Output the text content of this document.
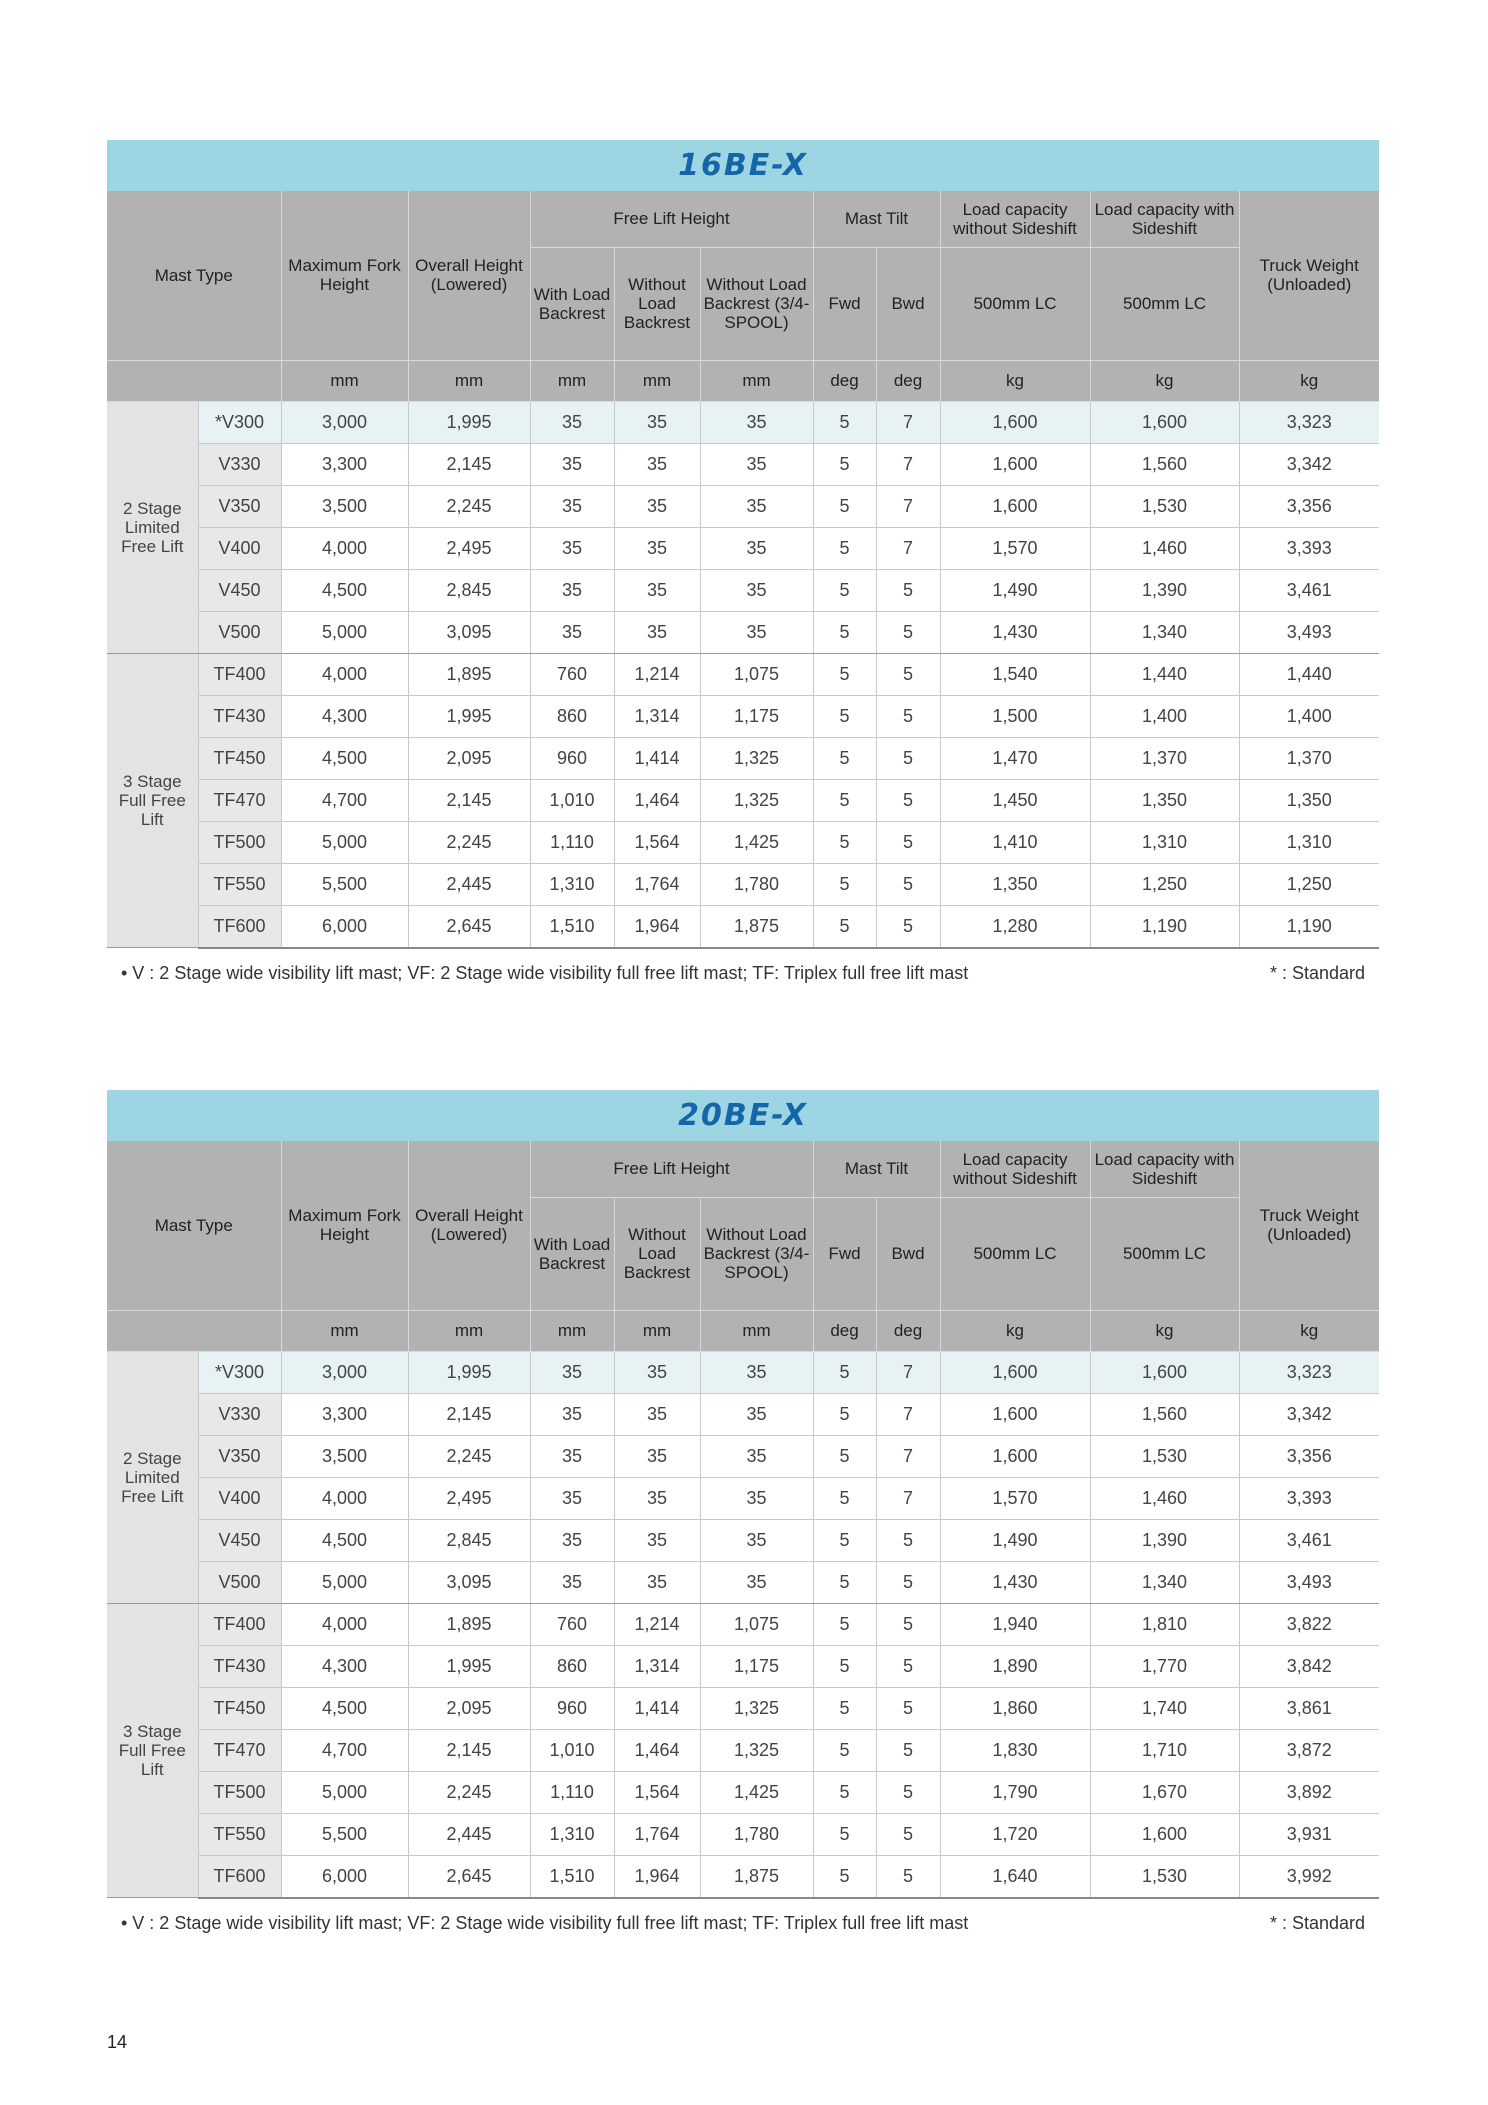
16BE-X
Mast Type		Maximum Fork Height	Overall Height (Lowered)	Free Lift Height			Mast Tilt		Load capacity without Sideshift	Load capacity with Sideshift	Truck Weight (Unloaded)
				With Load Backrest	Without Load Backrest	Without Load Backrest (3/4-SPOOL)	Fwd	Bwd	500mm LC	500mm LC	
		mm	mm	mm	mm	mm	deg	deg	kg	kg	kg
2 Stage Limited Free Lift	*V300	3,000	1,995	35	35	35	5	7	1,600	1,600	3,323
	V330	3,300	2,145	35	35	35	5	7	1,600	1,560	3,342
	V350	3,500	2,245	35	35	35	5	7	1,600	1,530	3,356
	V400	4,000	2,495	35	35	35	5	7	1,570	1,460	3,393
	V450	4,500	2,845	35	35	35	5	5	1,490	1,390	3,461
	V500	5,000	3,095	35	35	35	5	5	1,430	1,340	3,493
3 Stage Full Free Lift	TF400	4,000	1,895	760	1,214	1,075	5	5	1,540	1,440	1,440
	TF430	4,300	1,995	860	1,314	1,175	5	5	1,500	1,400	1,400
	TF450	4,500	2,095	960	1,414	1,325	5	5	1,470	1,370	1,370
	TF470	4,700	2,145	1,010	1,464	1,325	5	5	1,450	1,350	1,350
	TF500	5,000	2,245	1,110	1,564	1,425	5	5	1,410	1,310	1,310
	TF550	5,500	2,445	1,310	1,764	1,780	5	5	1,350	1,250	1,250
	TF600	6,000	2,645	1,510	1,964	1,875	5	5	1,280	1,190	1,190
• V : 2 Stage wide visibility lift mast; VF: 2 Stage wide visibility full free lift mast; TF: Triplex full free lift mast	* : Standard
20BE-X
Mast Type		Maximum Fork Height	Overall Height (Lowered)	Free Lift Height			Mast Tilt		Load capacity without Sideshift	Load capacity with Sideshift	Truck Weight (Unloaded)
				With Load Backrest	Without Load Backrest	Without Load Backrest (3/4-SPOOL)	Fwd	Bwd	500mm LC	500mm LC	
		mm	mm	mm	mm	mm	deg	deg	kg	kg	kg
2 Stage Limited Free Lift	*V300	3,000	1,995	35	35	35	5	7	1,600	1,600	3,323
	V330	3,300	2,145	35	35	35	5	7	1,600	1,560	3,342
	V350	3,500	2,245	35	35	35	5	7	1,600	1,530	3,356
	V400	4,000	2,495	35	35	35	5	7	1,570	1,460	3,393
	V450	4,500	2,845	35	35	35	5	5	1,490	1,390	3,461
	V500	5,000	3,095	35	35	35	5	5	1,430	1,340	3,493
3 Stage Full Free Lift	TF400	4,000	1,895	760	1,214	1,075	5	5	1,940	1,810	3,822
	TF430	4,300	1,995	860	1,314	1,175	5	5	1,890	1,770	3,842
	TF450	4,500	2,095	960	1,414	1,325	5	5	1,860	1,740	3,861
	TF470	4,700	2,145	1,010	1,464	1,325	5	5	1,830	1,710	3,872
	TF500	5,000	2,245	1,110	1,564	1,425	5	5	1,790	1,670	3,892
	TF550	5,500	2,445	1,310	1,764	1,780	5	5	1,720	1,600	3,931
	TF600	6,000	2,645	1,510	1,964	1,875	5	5	1,640	1,530	3,992
• V : 2 Stage wide visibility lift mast; VF: 2 Stage wide visibility full free lift mast; TF: Triplex full free lift mast	* : Standard
14
